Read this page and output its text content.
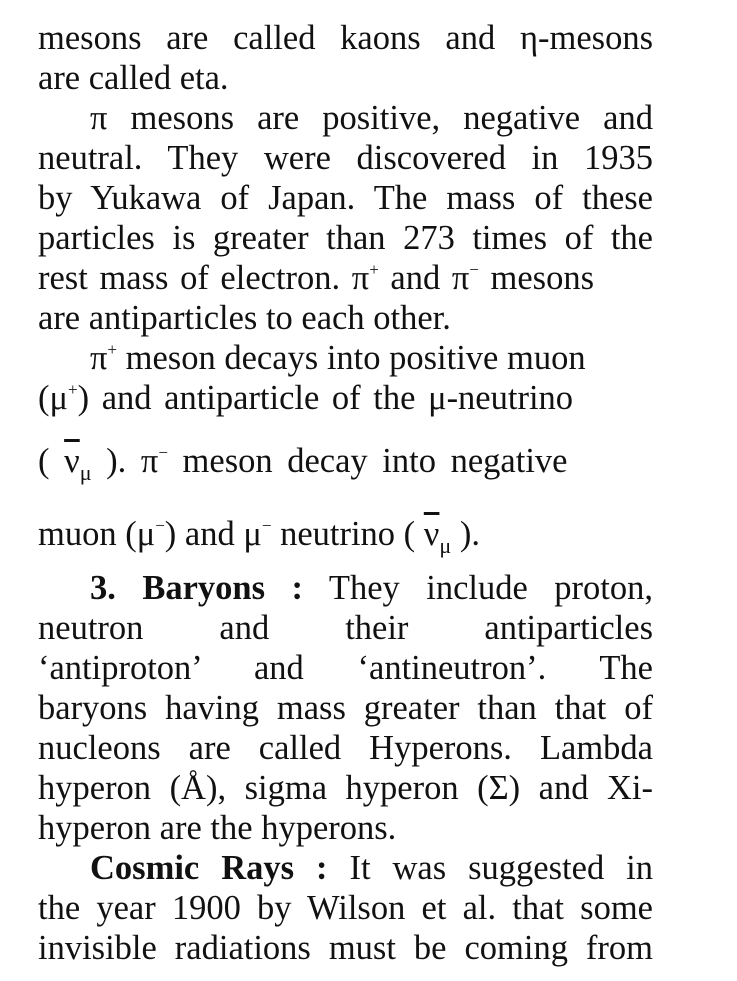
mesons are called kaons and η-mesons
are called eta.
π mesons are positive, negative and
neutral. They were discovered in 1935
by Yukawa of Japan. The mass of these
particles is greater than 273 times of the
rest mass of electron. π+ and π− mesons
are antiparticles to each other.
π+ meson decays into positive muon
(μ+) and antiparticle of the μ-neutrino
( $\overline{\nu}_\mu$ ). π− meson decay into negative
muon (μ−) and μ− neutrino ( $\overline{\nu}_\mu$ ).
3. Baryons : They include proton,
neutron and their antiparticles
‘antiproton’ and ‘antineutron’. The
baryons having mass greater than that of
nucleons are called Hyperons. Lambda
hyperon (Å), sigma hyperon (Σ) and Xi-
hyperon are the hyperons.
Cosmic Rays : It was suggested in
the year 1900 by Wilson et al. that some
invisible radiations must be coming from
